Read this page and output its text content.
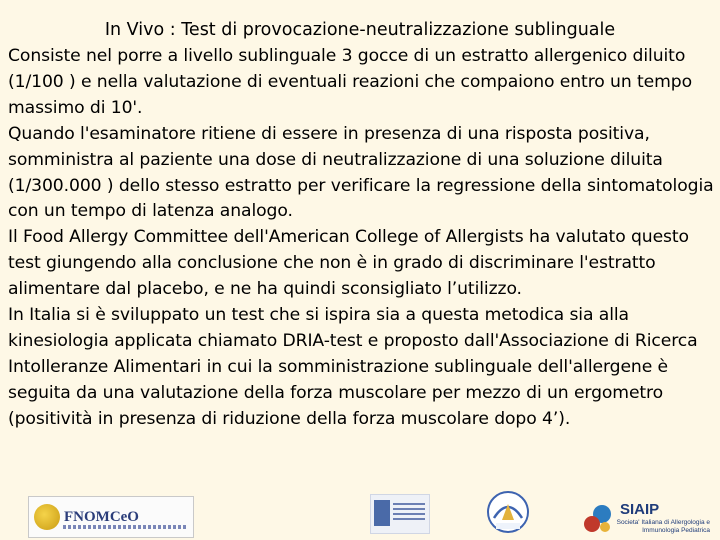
In Vivo : Test di provocazione-neutralizzazione sublinguale

Consiste nel porre a livello sublinguale 3 gocce di un estratto allergenico diluito (1/100 ) e nella valutazione di eventuali reazioni che compaiono entro un tempo massimo di 10'.

Quando l'esaminatore ritiene di essere in presenza di una risposta positiva, somministra al paziente una dose di neutralizzazione di una soluzione diluita (1/300.000 ) dello stesso estratto per verificare la regressione della sintomatologia con un tempo di latenza analogo.

Il Food Allergy Committee dell'American College of Allergists ha valutato questo test giungendo alla conclusione che non è in grado di discriminare l'estratto alimentare dal placebo, e ne ha quindi sconsigliato l’utilizzo.

In Italia si è sviluppato un test che si ispira sia a questa metodica sia alla kinesiologia applicata chiamato DRIA-test e proposto dall'Associazione di Ricerca Intolleranze Alimentari in cui la somministrazione sublinguale dell'allergene è seguita da una valutazione della forza muscolare per mezzo di un ergometro (positività in presenza di riduzione della forza muscolare dopo 4’).

FNOMCeO	SIAIP
Societa' Italiana di Allergologia e Immunologia Pediatrica
